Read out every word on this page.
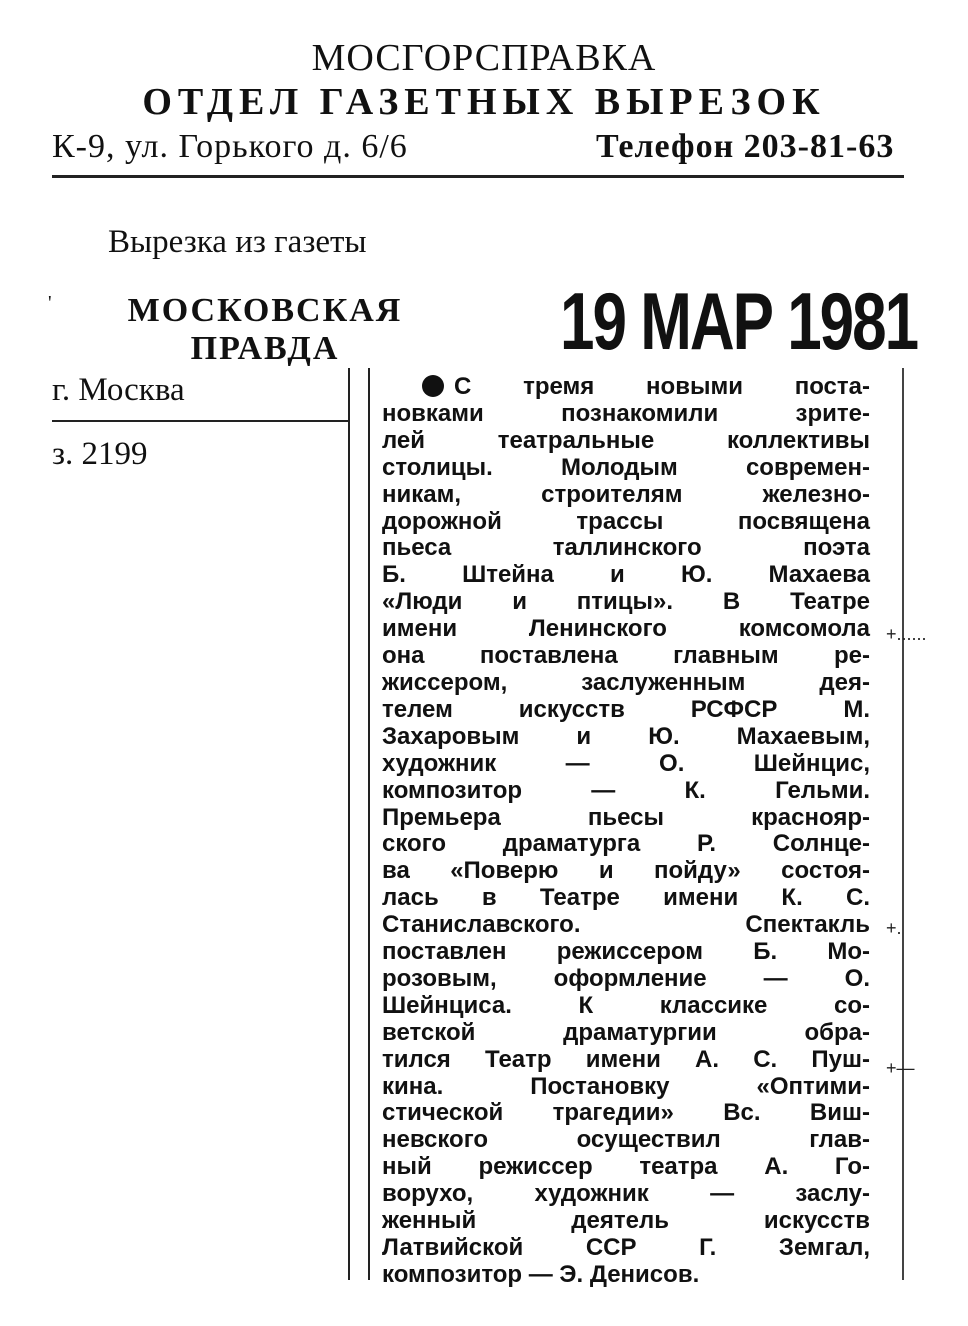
МОСГОРСПРАВКА
ОТДЕЛ ГАЗЕТНЫХ ВЫРЕЗОК
К-9, ул. Горького д. 6/6	Телефон 203-81-63
Вырезка из газеты
' МОСКОВСКАЯ
ПРАВДА	19 МАР 1981
г. Москва
з. 2199
+......
+.
+—
С тремя новыми поста-
новками познакомили зрите-
лей театральные коллективы
столицы. Молодым современ-
никам, строителям железно-
дорожной трассы посвящена
пьеса таллинского поэта
Б. Штейна и Ю. Махаева
«Люди и птицы». В Театре
имени Ленинского комсомола
она поставлена главным ре-
жиссером, заслуженным дея-
телем искусств РСФСР М.
Захаровым и Ю. Махаевым,
художник — О. Шейнцис,
композитор — К. Гельми.
Премьера пьесы краснояр-
ского драматурга Р. Солнце-
ва «Поверю и пойду» состоя-
лась в Театре имени К. С.
Станиславского. Спектакль
поставлен режиссером Б. Мо-
розовым, оформление — О.
Шейнциса. К классике со-
ветской драматургии обра-
тился Театр имени А. С. Пуш-
кина. Постановку «Оптими-
стической трагедии» Вс. Виш-
невского осуществил глав-
ный режиссер театра А. Го-
ворухо, художник — заслу-
женный деятель искусств
Латвийской ССР Г. Земгал,
композитор — Э. Денисов.
